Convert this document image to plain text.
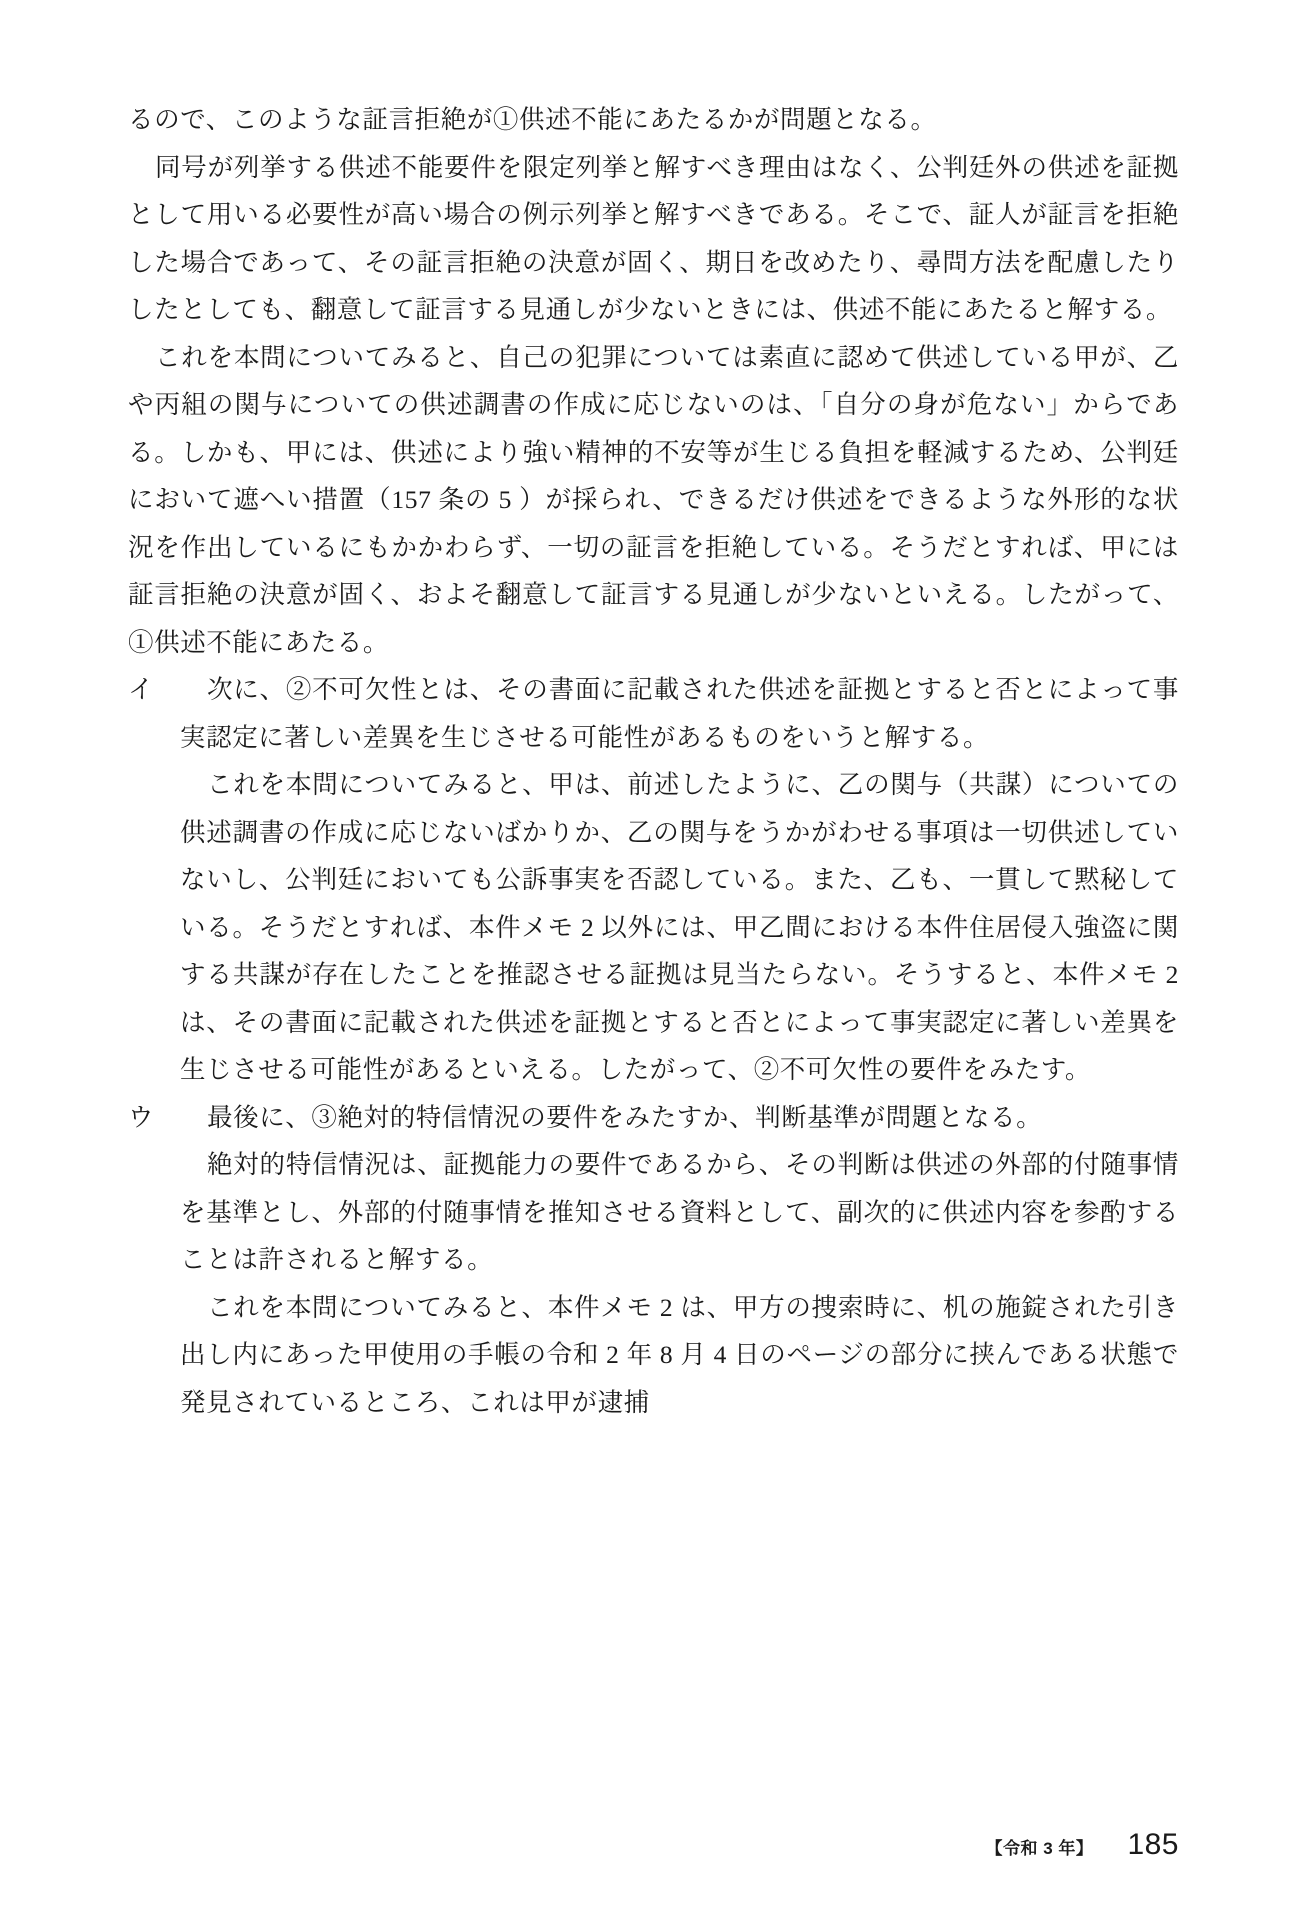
るので、このような証言拒絶が①供述不能にあたるかが問題となる。

同号が列挙する供述不能要件を限定列挙と解すべき理由はなく、公判廷外の供述を証拠として用いる必要性が高い場合の例示列挙と解すべきである。そこで、証人が証言を拒絶した場合であって、その証言拒絶の決意が固く、期日を改めたり、尋問方法を配慮したりしたとしても、翻意して証言する見通しが少ないときには、供述不能にあたると解する。

これを本問についてみると、自己の犯罪については素直に認めて供述している甲が、乙や丙組の関与についての供述調書の作成に応じないのは、「自分の身が危ない」からである。しかも、甲には、供述により強い精神的不安等が生じる負担を軽減するため、公判廷において遮へい措置（157 条の 5 ）が採られ、できるだけ供述をできるような外形的な状況を作出しているにもかかわらず、一切の証言を拒絶している。そうだとすれば、甲には証言拒絶の決意が固く、およそ翻意して証言する見通しが少ないといえる。したがって、①供述不能にあたる。

イ	次に、②不可欠性とは、その書面に記載された供述を証拠とすると否とによって事実認定に著しい差異を生じさせる可能性があるものをいうと解する。

これを本問についてみると、甲は、前述したように、乙の関与（共謀）についての供述調書の作成に応じないばかりか、乙の関与をうかがわせる事項は一切供述していないし、公判廷においても公訴事実を否認している。また、乙も、一貫して黙秘している。そうだとすれば、本件メモ 2 以外には、甲乙間における本件住居侵入強盗に関する共謀が存在したことを推認させる証拠は見当たらない。そうすると、本件メモ 2 は、その書面に記載された供述を証拠とすると否とによって事実認定に著しい差異を生じさせる可能性があるといえる。したがって、②不可欠性の要件をみたす。

ウ	最後に、③絶対的特信情況の要件をみたすか、判断基準が問題となる。

絶対的特信情況は、証拠能力の要件であるから、その判断は供述の外部的付随事情を基準とし、外部的付随事情を推知させる資料として、副次的に供述内容を参酌することは許されると解する。

これを本問についてみると、本件メモ 2 は、甲方の捜索時に、机の施錠された引き出し内にあった甲使用の手帳の令和 2 年 8 月 4 日のページの部分に挟んである状態で発見されているところ、これは甲が逮捕

【令和 3 年】 185
